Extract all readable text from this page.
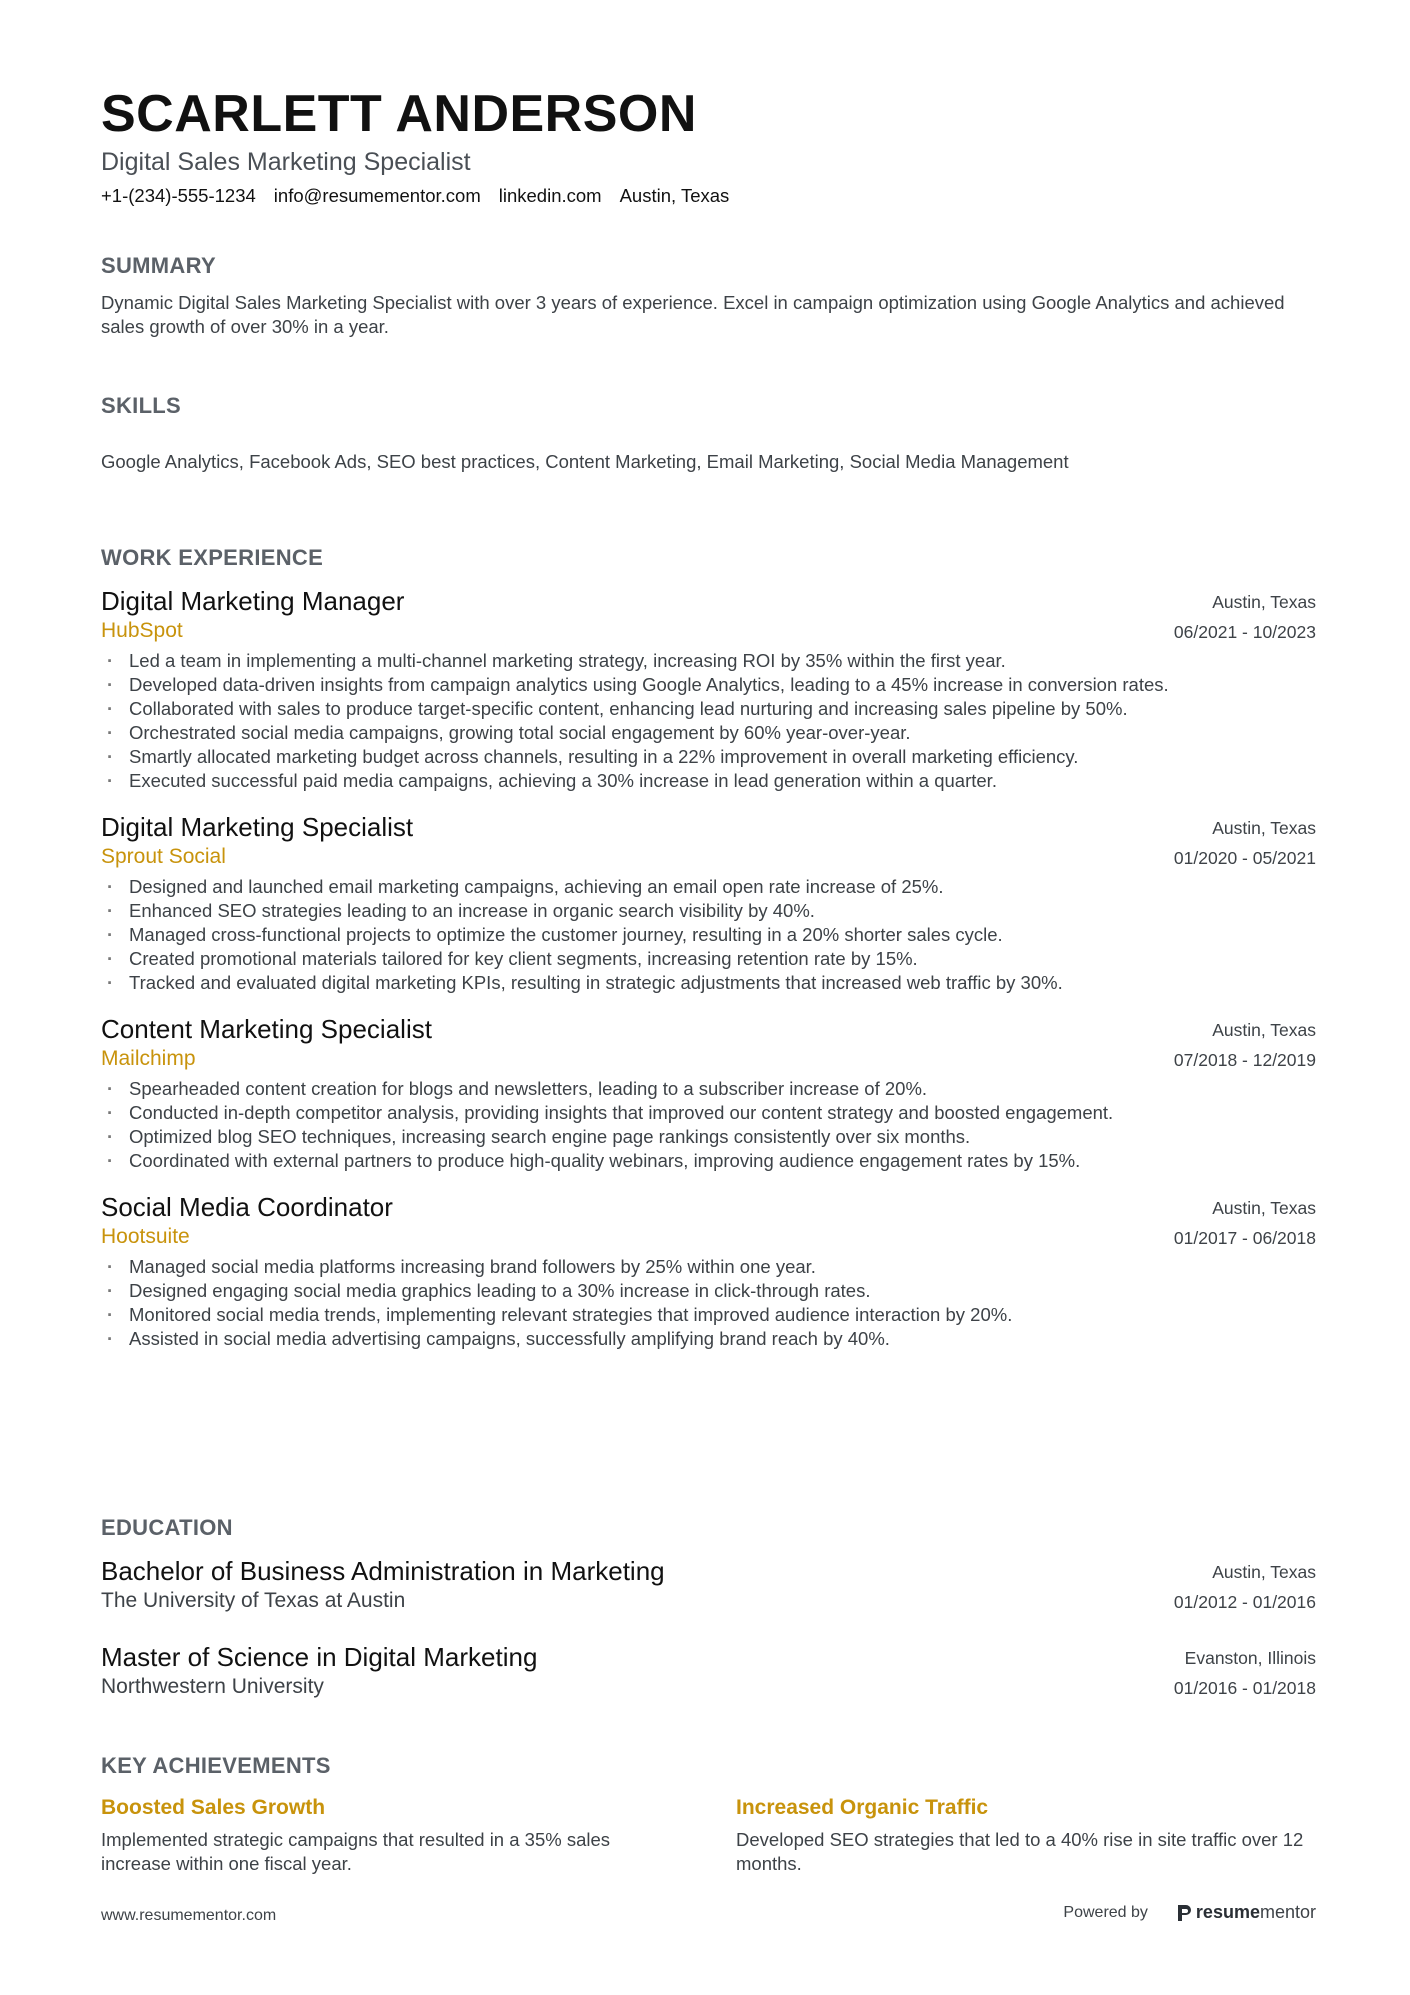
SCARLETT ANDERSON
Digital Sales Marketing Specialist
+1-(234)-555-1234 info@resumementor.com linkedin.com Austin, Texas
SUMMARY

Dynamic Digital Sales Marketing Specialist with over 3 years of experience. Excel in campaign optimization using Google Analytics and achieved sales growth of over 30% in a year.

SKILLS

Google Analytics, Facebook Ads, SEO best practices, Content Marketing, Email Marketing, Social Media Management

WORK EXPERIENCE
Digital Marketing Manager
HubSpot
Austin, Texas
06/2021 - 10/2023
· Led a team in implementing a multi-channel marketing strategy, increasing ROI by 35% within the first year.
· Developed data-driven insights from campaign analytics using Google Analytics, leading to a 45% increase in conversion rates.
· Collaborated with sales to produce target-specific content, enhancing lead nurturing and increasing sales pipeline by 50%.
· Orchestrated social media campaigns, growing total social engagement by 60% year-over-year.
· Smartly allocated marketing budget across channels, resulting in a 22% improvement in overall marketing efficiency.
· Executed successful paid media campaigns, achieving a 30% increase in lead generation within a quarter.
Digital Marketing Specialist
Sprout Social
Austin, Texas
01/2020 - 05/2021
· Designed and launched email marketing campaigns, achieving an email open rate increase of 25%.
· Enhanced SEO strategies leading to an increase in organic search visibility by 40%.
· Managed cross-functional projects to optimize the customer journey, resulting in a 20% shorter sales cycle.
· Created promotional materials tailored for key client segments, increasing retention rate by 15%.
· Tracked and evaluated digital marketing KPIs, resulting in strategic adjustments that increased web traffic by 30%.
Content Marketing Specialist
Mailchimp
Austin, Texas
07/2018 - 12/2019
· Spearheaded content creation for blogs and newsletters, leading to a subscriber increase of 20%.
· Conducted in-depth competitor analysis, providing insights that improved our content strategy and boosted engagement.
· Optimized blog SEO techniques, increasing search engine page rankings consistently over six months.
· Coordinated with external partners to produce high-quality webinars, improving audience engagement rates by 15%.
Social Media Coordinator
Hootsuite
Austin, Texas
01/2017 - 06/2018
· Managed social media platforms increasing brand followers by 25% within one year.
· Designed engaging social media graphics leading to a 30% increase in click-through rates.
· Monitored social media trends, implementing relevant strategies that improved audience interaction by 20%.
· Assisted in social media advertising campaigns, successfully amplifying brand reach by 40%.
EDUCATION
Bachelor of Business Administration in Marketing
The University of Texas at Austin
Austin, Texas
01/2012 - 01/2016
Master of Science in Digital Marketing
Northwestern University
Evanston, Illinois
01/2016 - 01/2018
KEY ACHIEVEMENTS
Boosted Sales Growth
Implemented strategic campaigns that resulted in a 35% sales increase within one fiscal year.
Increased Organic Traffic
Developed SEO strategies that led to a 40% rise in site traffic over 12 months.
www.resumementor.com	Powered by	resume mentor
